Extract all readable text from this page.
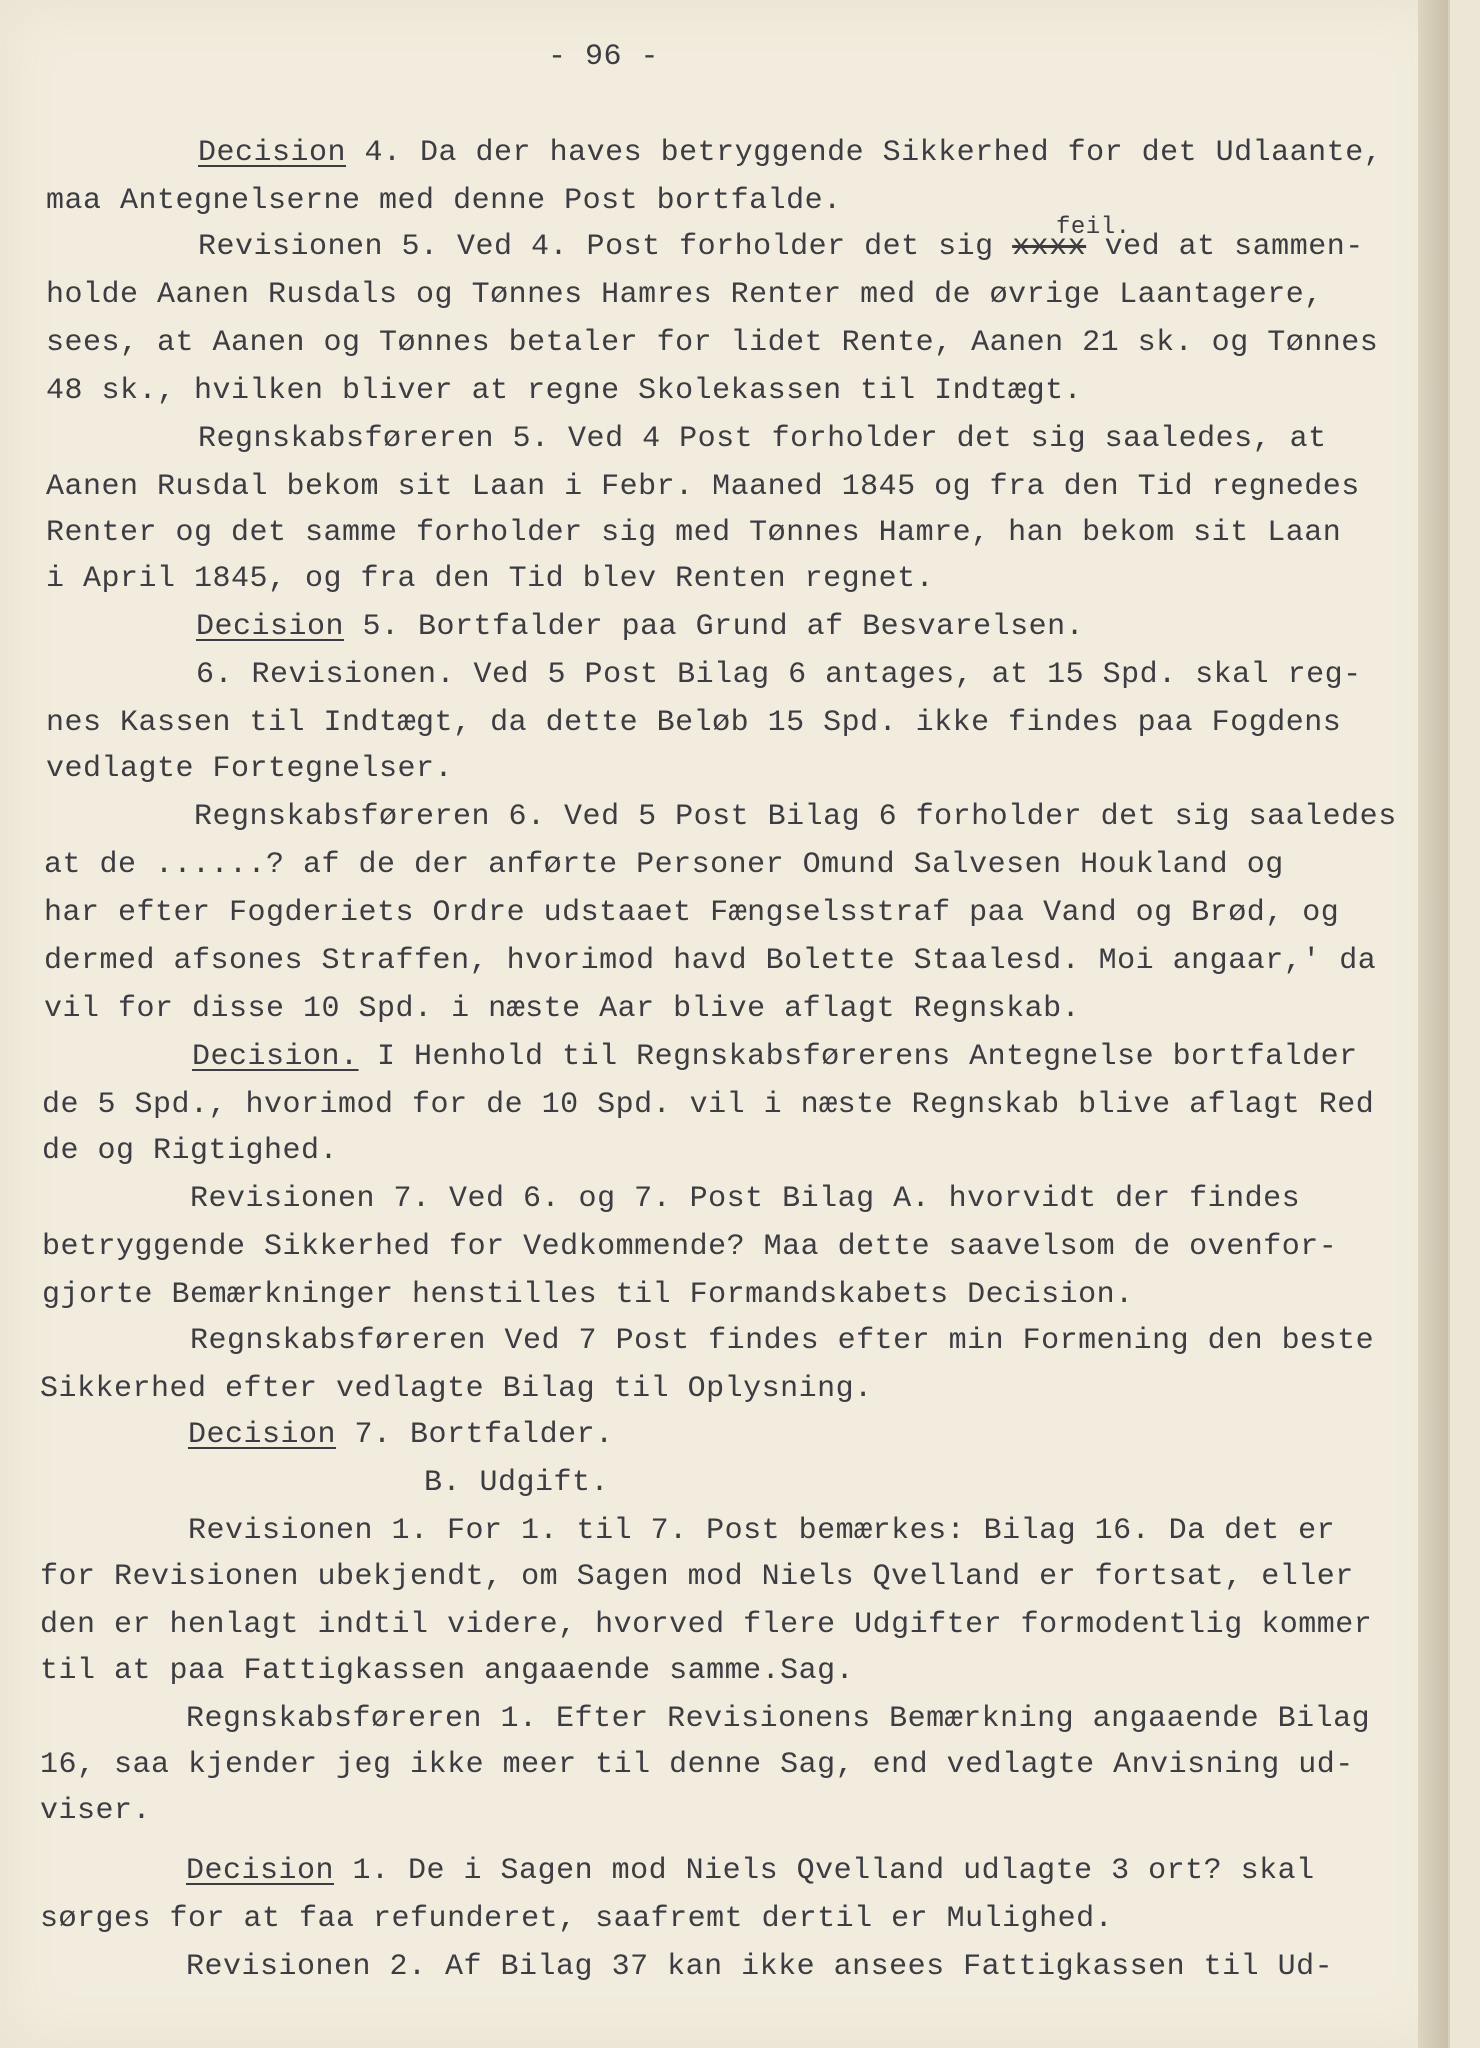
- 96 -
Decision 4. Da der haves betryggende Sikkerhed for det Udlaante,
maa Antegnelserne med denne Post bortfalde.
feil.
Revisionen 5. Ved 4. Post forholder det sig xxxx ved at sammen-
holde Aanen Rusdals og Tønnes Hamres Renter med de øvrige Laantagere,
sees, at Aanen og Tønnes betaler for lidet Rente, Aanen 21 sk. og Tønnes
48 sk., hvilken bliver at regne Skolekassen til Indtægt.
Regnskabsføreren 5. Ved 4 Post forholder det sig saaledes, at
Aanen Rusdal bekom sit Laan i Febr. Maaned 1845 og fra den Tid regnedes
Renter og det samme forholder sig med Tønnes Hamre, han bekom sit Laan
i April 1845, og fra den Tid blev Renten regnet.
Decision 5. Bortfalder paa Grund af Besvarelsen.
6. Revisionen. Ved 5 Post Bilag 6 antages, at 15 Spd. skal reg-
nes Kassen til Indtægt, da dette Beløb 15 Spd. ikke findes paa Fogdens
vedlagte Fortegnelser.
Regnskabsføreren 6. Ved 5 Post Bilag 6 forholder det sig saaledes
at de ......? af de der anførte Personer Omund Salvesen Houkland og
har efter Fogderiets Ordre udstaaet Fængselsstraf paa Vand og Brød, og
dermed afsones Straffen, hvorimod havd Bolette Staalesd. Moi angaar,' da
vil for disse 10 Spd. i næste Aar blive aflagt Regnskab.
Decision. I Henhold til Regnskabsførerens Antegnelse bortfalder
de 5 Spd., hvorimod for de 10 Spd. vil i næste Regnskab blive aflagt Red
de og Rigtighed.
Revisionen 7. Ved 6. og 7. Post Bilag A. hvorvidt der findes
betryggende Sikkerhed for Vedkommende? Maa dette saavelsom de ovenfor-
gjorte Bemærkninger henstilles til Formandskabets Decision.
Regnskabsføreren Ved 7 Post findes efter min Formening den beste
Sikkerhed efter vedlagte Bilag til Oplysning.
Decision 7. Bortfalder.
B. Udgift.
Revisionen 1. For 1. til 7. Post bemærkes: Bilag 16. Da det er
for Revisionen ubekjendt, om Sagen mod Niels Qvelland er fortsat, eller
den er henlagt indtil videre, hvorved flere Udgifter formodentlig kommer
til at paa Fattigkassen angaaende samme.Sag.
Regnskabsføreren 1. Efter Revisionens Bemærkning angaaende Bilag
16, saa kjender jeg ikke meer til denne Sag, end vedlagte Anvisning ud-
viser.
Decision 1. De i Sagen mod Niels Qvelland udlagte 3 ort? skal
sørges for at faa refunderet, saafremt dertil er Mulighed.
Revisionen 2. Af Bilag 37 kan ikke ansees Fattigkassen til Ud-
